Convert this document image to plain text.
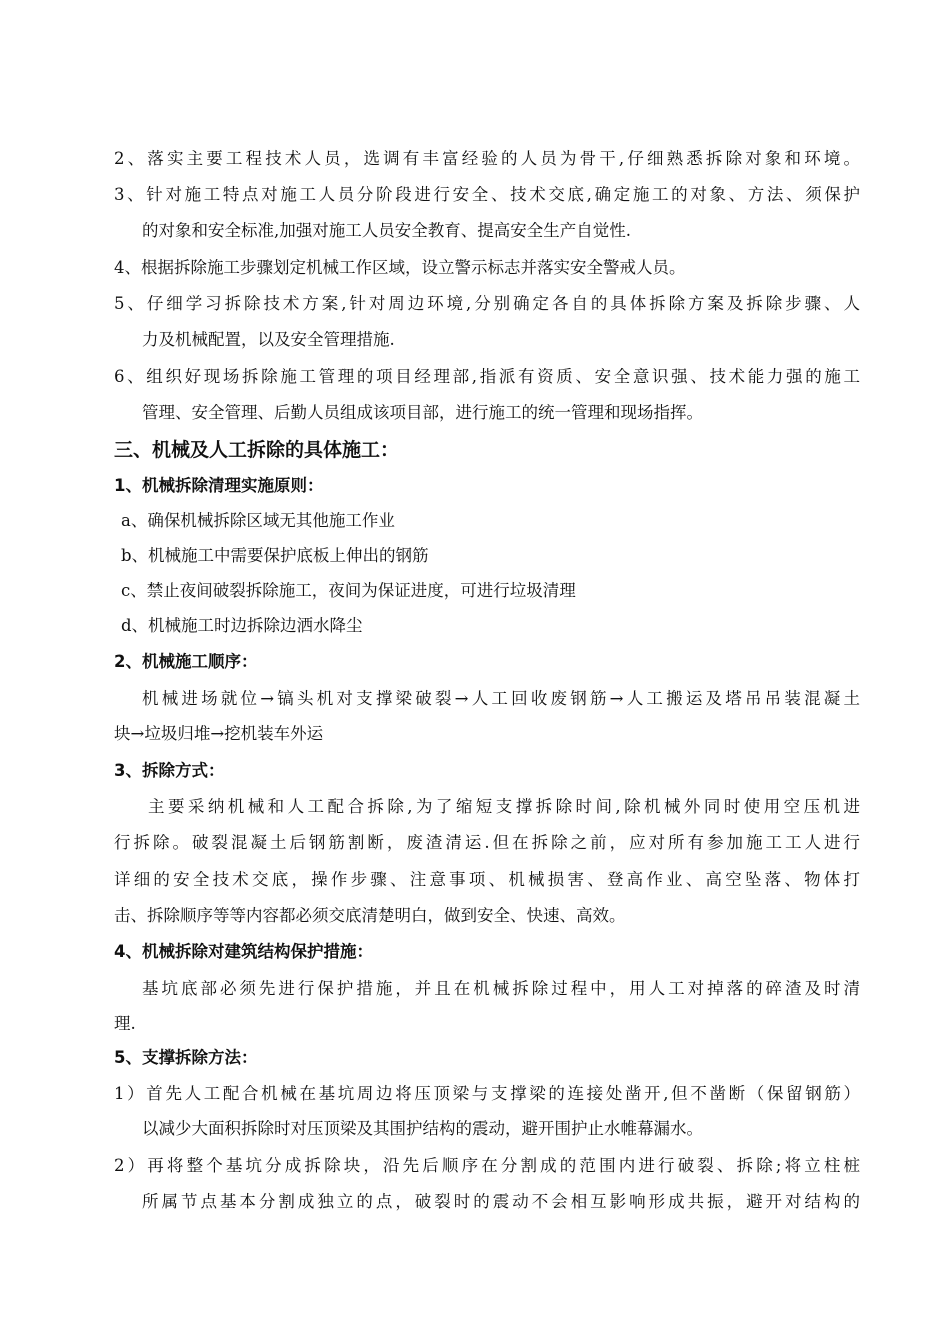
2、落实主要工程技术人员，选调有丰富经验的人员为骨干,仔细熟悉拆除对象和环境。
3、针对施工特点对施工人员分阶段进行安全、技术交底,确定施工的对象、方法、须保护
的对象和安全标准,加强对施工人员安全教育、提高安全生产自觉性.
4、根据拆除施工步骤划定机械工作区域，设立警示标志并落实安全警戒人员。
5、仔细学习拆除技术方案,针对周边环境,分别确定各自的具体拆除方案及拆除步骤、人
力及机械配置，以及安全管理措施.
6、组织好现场拆除施工管理的项目经理部,指派有资质、安全意识强、技术能力强的施工
管理、安全管理、后勤人员组成该项目部，进行施工的统一管理和现场指挥。
三、机械及人工拆除的具体施工：
1、机械拆除清理实施原则：
a、确保机械拆除区域无其他施工作业
b、机械施工中需要保护底板上伸出的钢筋
c、禁止夜间破裂拆除施工，夜间为保证进度，可进行垃圾清理
d、机械施工时边拆除边洒水降尘
2、机械施工顺序：
机械进场就位→镐头机对支撑梁破裂→人工回收废钢筋→人工搬运及塔吊吊装混凝土
块→垃圾归堆→挖机装车外运
3、拆除方式：
主要采纳机械和人工配合拆除,为了缩短支撑拆除时间,除机械外同时使用空压机进
行拆除。破裂混凝土后钢筋割断，废渣清运.但在拆除之前，应对所有参加施工工人进行
详细的安全技术交底，操作步骤、注意事项、机械损害、登高作业、高空坠落、物体打
击、拆除顺序等等内容都必须交底清楚明白，做到安全、快速、高效。
4、机械拆除对建筑结构保护措施：
基坑底部必须先进行保护措施，并且在机械拆除过程中，用人工对掉落的碎渣及时清
理.
5、支撑拆除方法：
1）首先人工配合机械在基坑周边将压顶梁与支撑梁的连接处凿开,但不凿断（保留钢筋）
以减少大面积拆除时对压顶梁及其围护结构的震动，避开围护止水帷幕漏水。
2）再将整个基坑分成拆除块，沿先后顺序在分割成的范围内进行破裂、拆除;将立柱桩
所属节点基本分割成独立的点，破裂时的震动不会相互影响形成共振，避开对结构的
